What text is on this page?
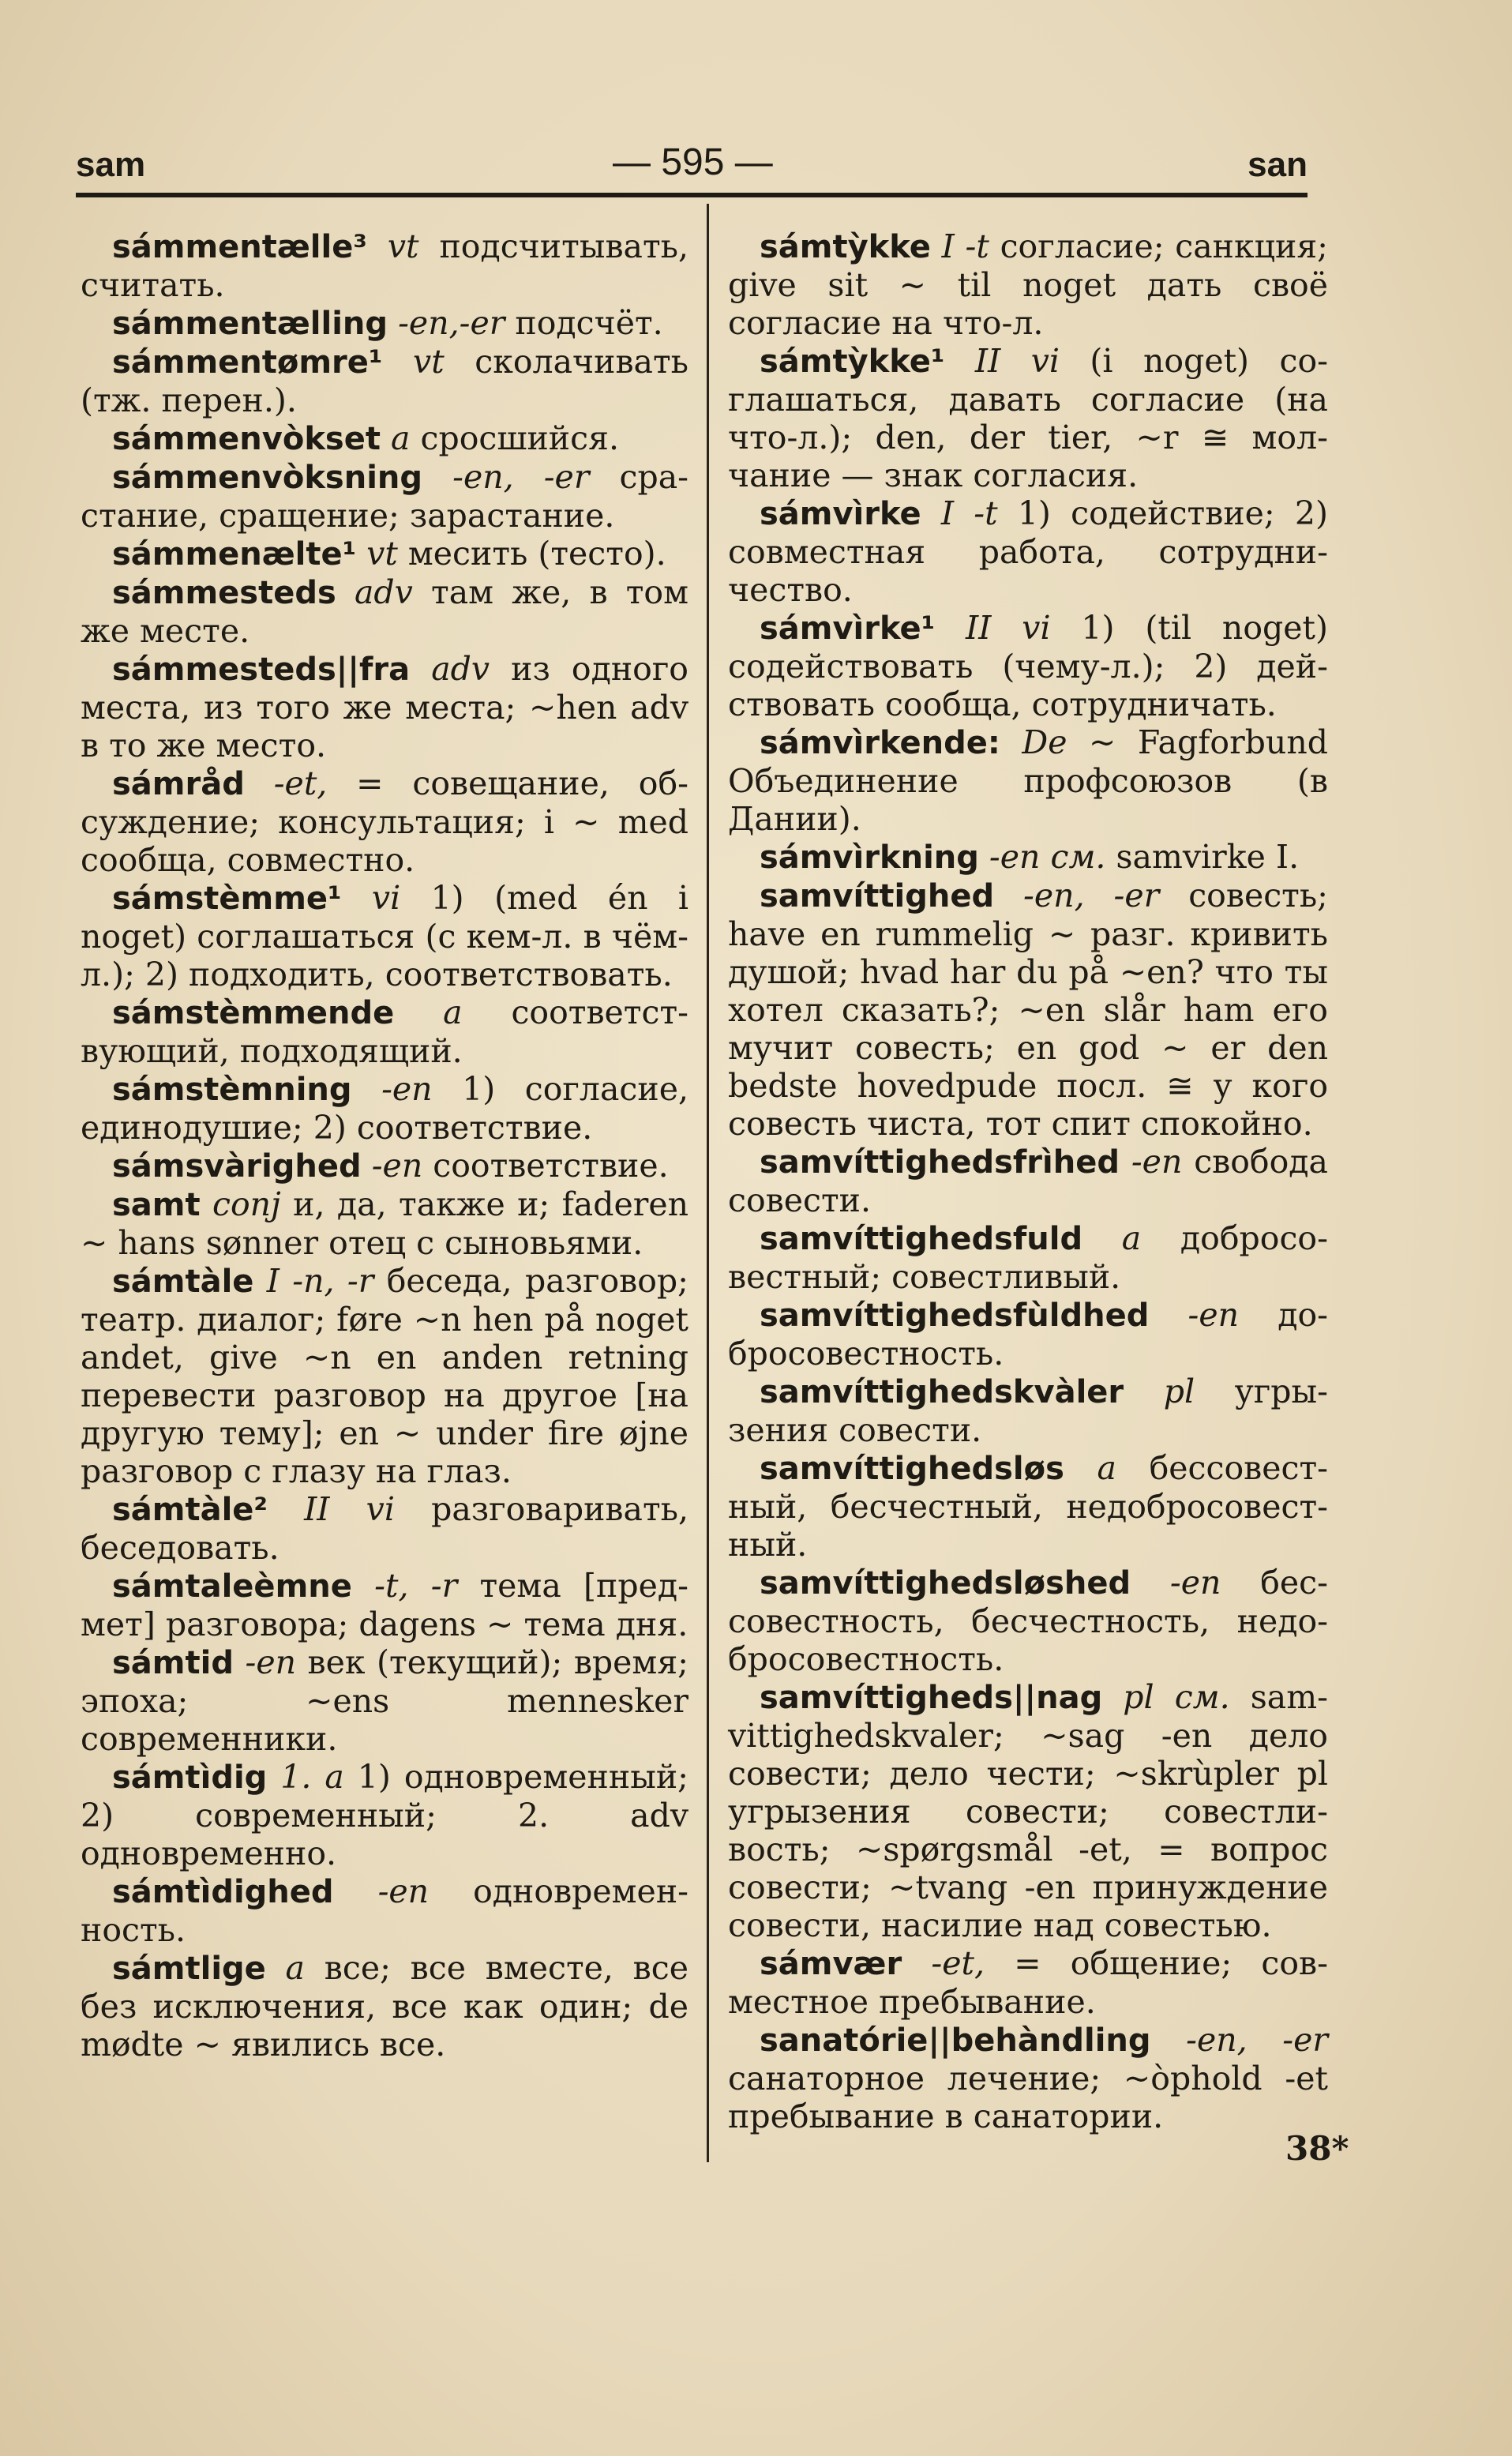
sam	— 595 —	san

sámmentælle³ vt подсчитывать, считать.

sámmentælling -en,-er подсчёт.

sámmentømre¹ vt сколачивать (тж. перен.).

sámmenvòkset a сросшийся.

sámmenvòksning -en, -er срастание, сращение; зарастание.

sámmenælte¹ vt месить (тесто).

sámmesteds adv там же, в том же месте.

sámmesteds||fra adv из одного места, из того же места; ~hen adv в то же место.

sámråd -et, = совещание, обсуждение; консультация; i ~ med сообща, совместно.

sámstèmme¹ vi 1) (med én i noget) соглашаться (с кем-л. в чём-л.); 2) подходить, соответствовать.

sámstèmmende a соответствующий, подходящий.

sámstèmning -en 1) согласие, единодушие; 2) соответствие.

sámsvàrighed -en соответствие.

samt conj и, да, также и; faderen ~ hans sønner отец с сыновьями.

sámtàle I -n, -r беседа, разговор; театр. диалог; føre ~n hen på noget andet, give ~n en anden retning перевести разговор на другое [на другую тему]; en ~ under fire øjne разговор с глазу на глаз.

sámtàle² II vi разговаривать, беседовать.

sámtaleèmne -t, -r тема [предмет] разговора; dagens ~ тема дня.

sámtid -en век (текущий); время; эпоха; ~ens mennesker современники.

sámtìdig 1. a 1) одновременный; 2) современный; 2. adv одновременно.

sámtìdighed -en одновременность.

sámtlige a все; все вместе, все без исключения, все как один; de mødte ~ явились все.

sámtỳkke I -t согласие; санкция; give sit ~ til noget дать своё согласие на что-л.

sámtỳkke¹ II vi (i noget) соглашаться, давать согласие (на что-л.); den, der tier, ~r ≅ молчание — знак согласия.

sámvìrke I -t 1) содействие; 2) совместная работа, сотрудничество.

sámvìrke¹ II vi 1) (til noget) содействовать (чему-л.); 2) действовать сообща, сотрудничать.

sámvìrkende: De ~ Fagforbund Объединение профсоюзов (в Дании).

sámvìrkning -en см. samvirke I.

samvíttighed -en, -er совесть; have en rummelig ~ разг. кривить душой; hvad har du på ~en? что ты хотел сказать?; ~en slår ham его мучит совесть; en god ~ er den bedste hovedpude посл. ≅ у кого совесть чиста, тот спит спокойно.

samvíttighedsfrìhed -en свобода совести.

samvíttighedsfuld a добросовестный; совестливый.

samvíttighedsfùldhed -en добросовестность.

samvíttighedskvàler pl угрызения совести.

samvíttighedsløs a бессовестный, бесчестный, недобросовестный.

samvíttighedsløshed -en бессовестность, бесчестность, недобросовестность.

samvíttigheds||nag pl см. samvittighedskvaler; ~sag -en дело совести; дело чести; ~skrùpler pl угрызения совести; совестливость; ~spørgsmål -et, = вопрос совести; ~tvang -en принуждение совести, насилие над совестью.

sámvær -et, = общение; совместное пребывание.

sanatórie||behàndling -en, -er санаторное лечение; ~òphold -et пребывание в санатории.

38*
